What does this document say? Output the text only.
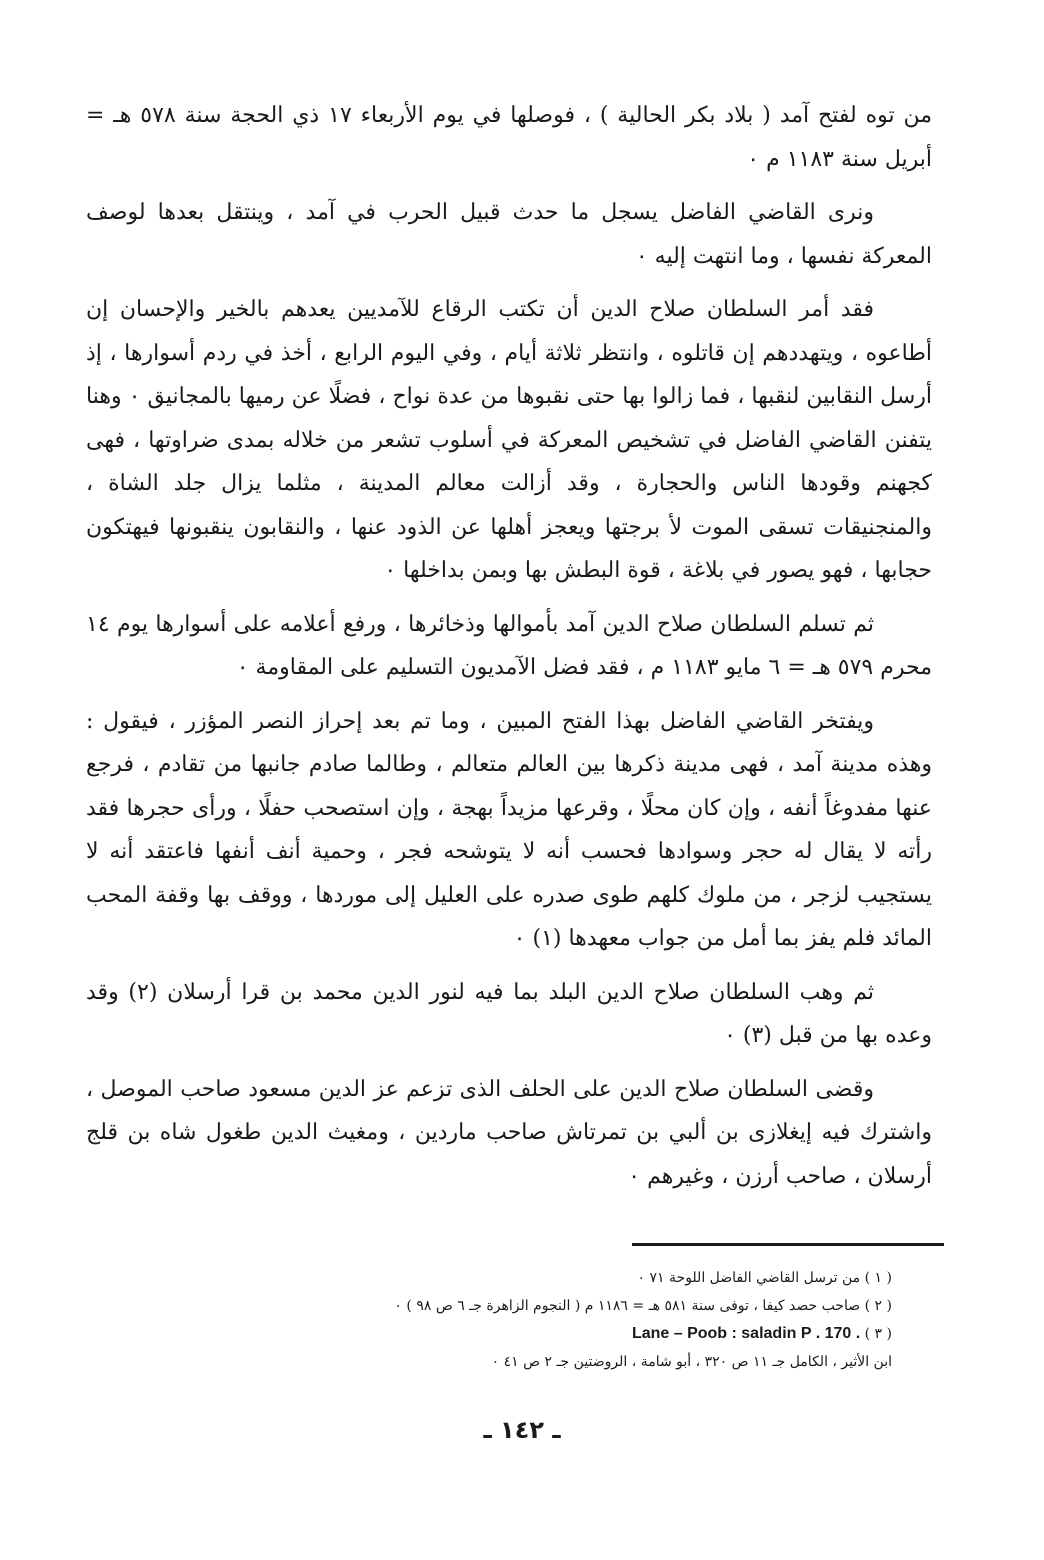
من توه لفتح آمد ( بلاد بكر الحالية ) ، فوصلها في يوم الأربعاء ١٧ ذي الحجة سنة ٥٧٨ هـ = أبريل سنة ١١٨٣ م ٠

ونرى القاضي الفاضل يسجل ما حدث قبيل الحرب في آمد ، وينتقل بعدها لوصف المعركة نفسها ، وما انتهت إليه ٠

فقد أمر السلطان صلاح الدين أن تكتب الرقاع للآمديين يعدهم بالخير والإحسان إن أطاعوه ، ويتهددهم إن قاتلوه ، وانتظر ثلاثة أيام ، وفي اليوم الرابع ، أخذ في ردم أسوارها ، إذ أرسل النقابين لنقبها ، فما زالوا بها حتى نقبوها من عدة نواح ، فضلًا عن رميها بالمجانيق ٠ وهنا يتفنن القاضي الفاضل في تشخيص المعركة في أسلوب تشعر من خلاله بمدى ضراوتها ، فهى كجهنم وقودها الناس والحجارة ، وقد أزالت معالم المدينة ، مثلما يزال جلد الشاة ، والمنجنيقات تسقى الموت لأ برجتها ويعجز أهلها عن الذود عنها ، والنقابون ينقبونها فيهتكون حجابها ، فهو يصور في بلاغة ، قوة البطش بها وبمن بداخلها ٠

ثم تسلم السلطان صلاح الدين آمد بأموالها وذخائرها ، ورفع أعلامه على أسوارها يوم ١٤ محرم ٥٧٩ هـ = ٦ مايو ١١٨٣ م ، فقد فضل الآمديون التسليم على المقاومة ٠

ويفتخر القاضي الفاضل بهذا الفتح المبين ، وما تم بعد إحراز النصر المؤزر ، فيقول : وهذه مدينة آمد ، فهى مدينة ذكرها بين العالم متعالم ، وطالما صادم جانبها من تقادم ، فرجع عنها مفدوغاً أنفه ، وإن كان محلًا ، وقرعها مزيداً بهجة ، وإن استصحب حفلًا ، ورأى حجرها فقد رأته لا يقال له حجر وسوادها فحسب أنه لا يتوشحه فجر ، وحمية أنف أنفها فاعتقد أنه لا يستجيب لزجر ، من ملوك كلهم طوى صدره على العليل إلى موردها ، ووقف بها وقفة المحب المائد فلم يفز بما أمل من جواب معهدها (١) ٠

ثم وهب السلطان صلاح الدين البلد بما فيه لنور الدين محمد بن قرا أرسلان (٢) وقد وعده بها من قبل (٣) ٠

وقضى السلطان صلاح الدين على الحلف الذى تزعم عز الدين مسعود صاحب الموصل ، واشترك فيه إيغلازى بن ألبي بن تمرتاش صاحب ماردين ، ومغيث الدين طغول شاه بن قلج أرسلان ، صاحب أرزن ، وغيرهم ٠

( ١ ) من ترسل القاضي الفاضل اللوحة ٧١ ٠
( ٢ ) صاحب حصد كيفا ، توفى سنة ٥٨١ هـ = ١١٨٦ م ( النجوم الزاهرة جـ ٦ ص ٩٨ ) ٠
( ٣ ) Lane – Poob : saladin P . 170 .
ابن الأثير ، الكامل جـ ١١ ص ٣٢٠ ، أبو شامة ، الروضتين جـ ٢ ص ٤١ ٠
ـ ١٤٢ ـ
